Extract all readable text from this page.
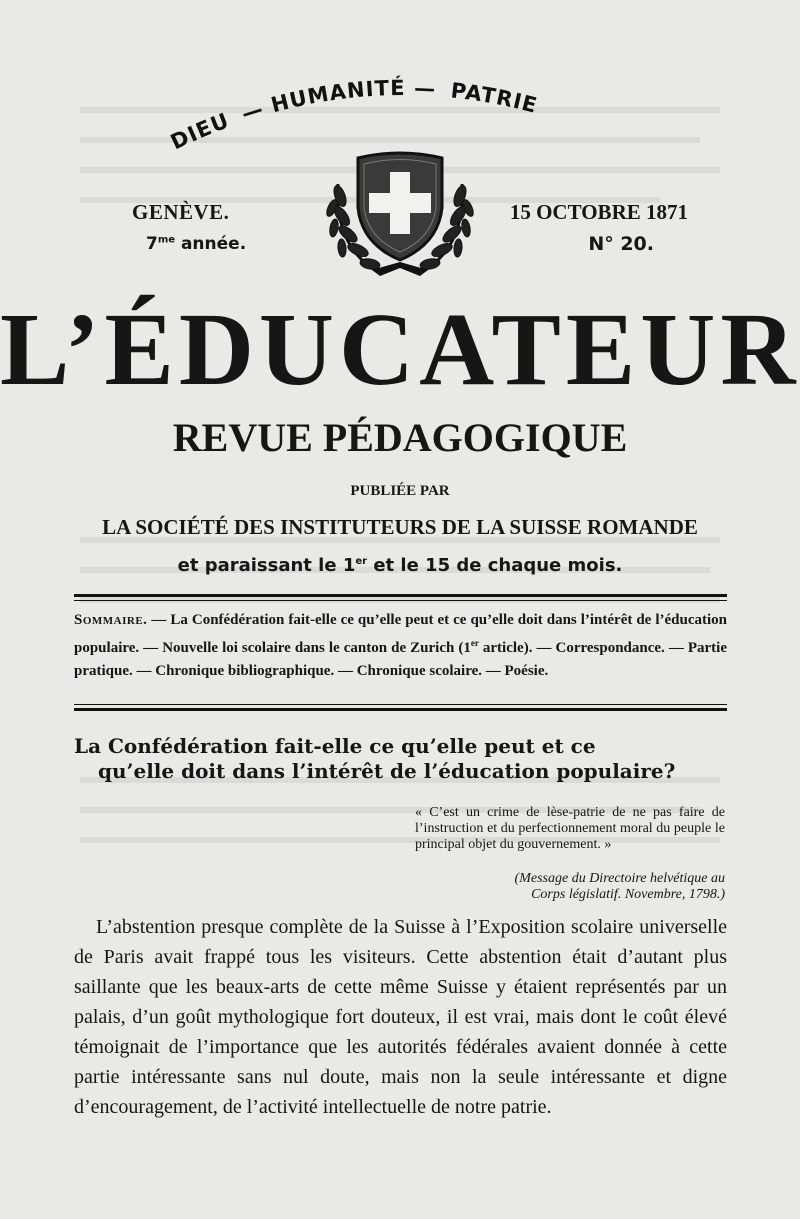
DIEU — HUMANITÉ — PATRIE
GENÈVE.
$7^{me}$ année.
15 OCTOBRE 1871
N° 20.
L’ÉDUCATEUR
REVUE PÉDAGOGIQUE
PUBLIÉE PAR
LA SOCIÉTÉ DES INSTITUTEURS DE LA SUISSE ROMANDE
et paraissant le 1er et le 15 de chaque mois.
Sommaire. — La Confédération fait-elle ce qu’elle peut et ce qu’elle doit dans l’intérêt de l’éducation populaire. — Nouvelle loi scolaire dans le canton de Zurich (1er article). — Correspondance. — Partie pratique. — Chronique bibliographique. — Chronique scolaire. — Poésie.
La Confédération fait-elle ce qu’elle peut et ce
qu’elle doit dans l’intérêt de l’éducation populaire?
« C’est un crime de lèse-patrie de ne pas faire de l’instruction et du perfectionnement moral du peuple le principal objet du gouvernement. »
(Message du Directoire helvétique au
Corps législatif. Novembre, 1798.)
L’abstention presque complète de la Suisse à l’Exposition scolaire universelle de Paris avait frappé tous les visiteurs. Cette abstention était d’autant plus saillante que les beaux-arts de cette même Suisse y étaient représentés par un palais, d’un goût mythologique fort douteux, il est vrai, mais dont le coût élevé témoignait de l’importance que les autorités fédérales avaient donnée à cette partie intéressante sans nul doute, mais non la seule intéressante et digne d’encouragement, de l’activité intellectuelle de notre patrie.
